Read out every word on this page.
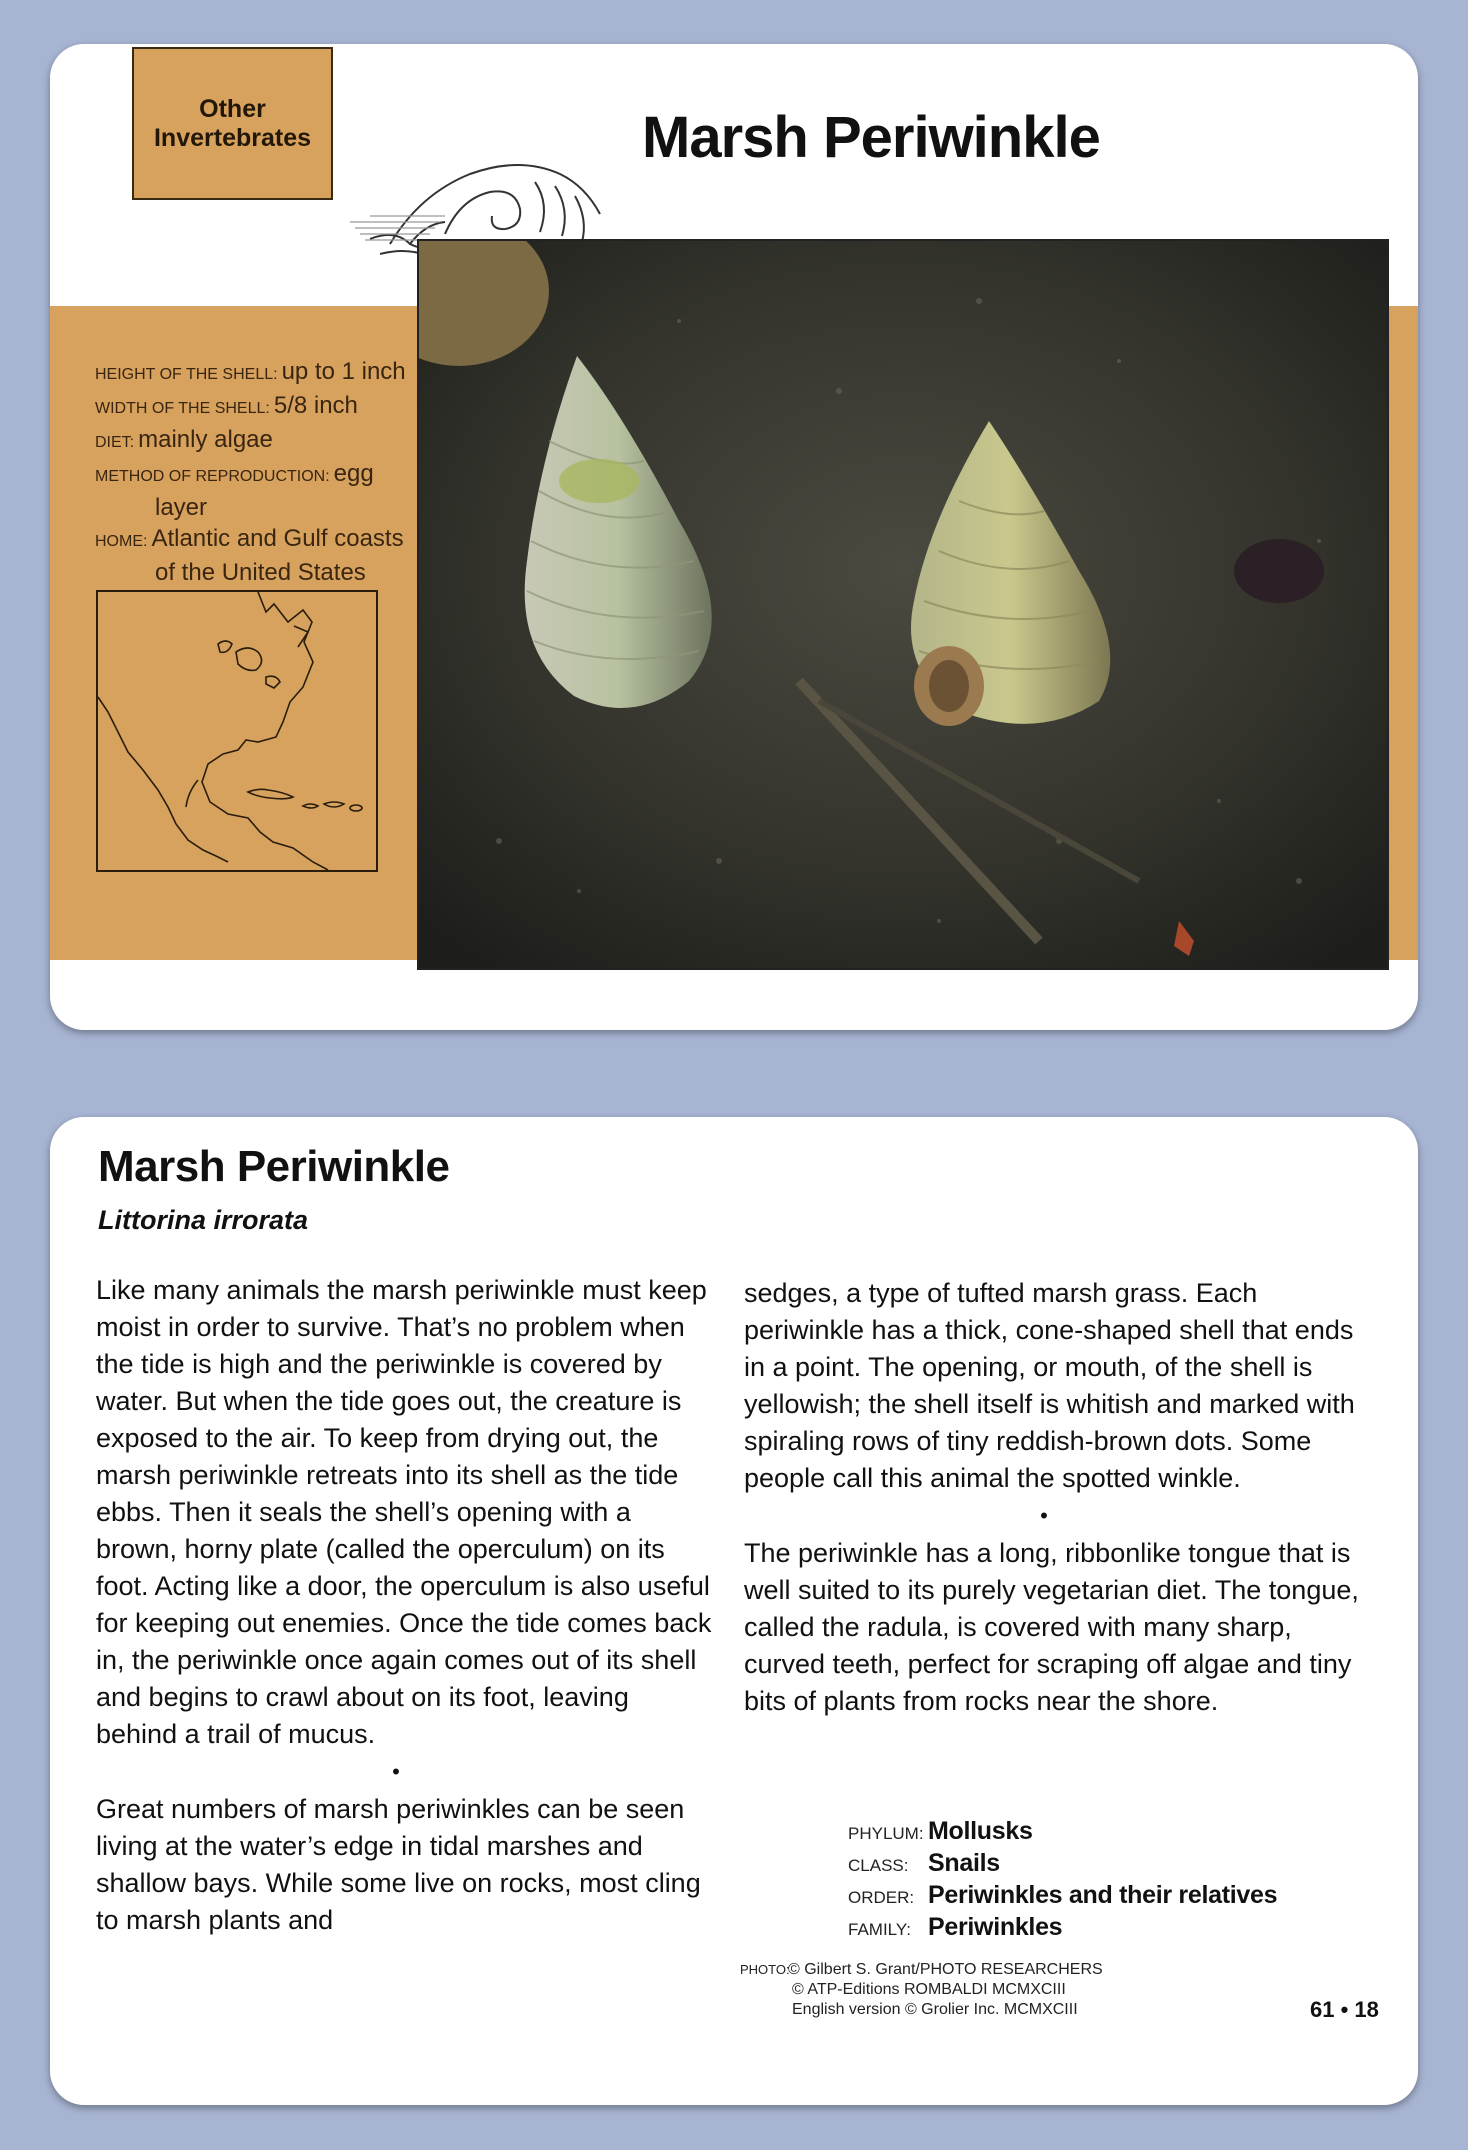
Other
Invertebrates	Marsh Periwinkle
HEIGHT OF THE SHELL: up to 1 inch
WIDTH OF THE SHELL: 5/8 inch
DIET: mainly algae
METHOD OF REPRODUCTION: egg
layer
HOME: Atlantic and Gulf coasts
of the United States
Marsh Periwinkle
Littorina irrorata

Like many animals the marsh periwinkle must keep moist in order to survive. That’s no problem when the tide is high and the periwinkle is covered by water. But when the tide goes out, the creature is exposed to the air. To keep from drying out, the marsh periwinkle retreats into its shell as the tide ebbs. Then it seals the shell’s opening with a brown, horny plate (called the operculum) on its foot. Acting like a door, the operculum is also useful for keeping out enemies. Once the tide comes back in, the periwinkle once again comes out of its shell and begins to crawl about on its foot, leaving behind a trail of mucus.

•

Great numbers of marsh periwinkles can be seen living at the water’s edge in tidal marshes and shallow bays. While some live on rocks, most cling to marsh plants and

sedges, a type of tufted marsh grass. Each periwinkle has a thick, cone-shaped shell that ends in a point. The opening, or mouth, of the shell is yellowish; the shell itself is whitish and marked with spiraling rows of tiny reddish-brown dots. Some people call this animal the spotted winkle.

•

The periwinkle has a long, ribbonlike tongue that is well suited to its purely vegetarian diet. The tongue, called the radula, is covered with many sharp, curved teeth, perfect for scraping off algae and tiny bits of plants from rocks near the shore.

PHYLUM: Mollusks
CLASS: Snails
ORDER: Periwinkles and their relatives
FAMILY: Periwinkles
PHOTO:© Gilbert S. Grant/PHOTO RESEARCHERS
© ATP-Editions ROMBALDI MCMXCIII
English version © Grolier Inc. MCMXCIII	61 • 18
